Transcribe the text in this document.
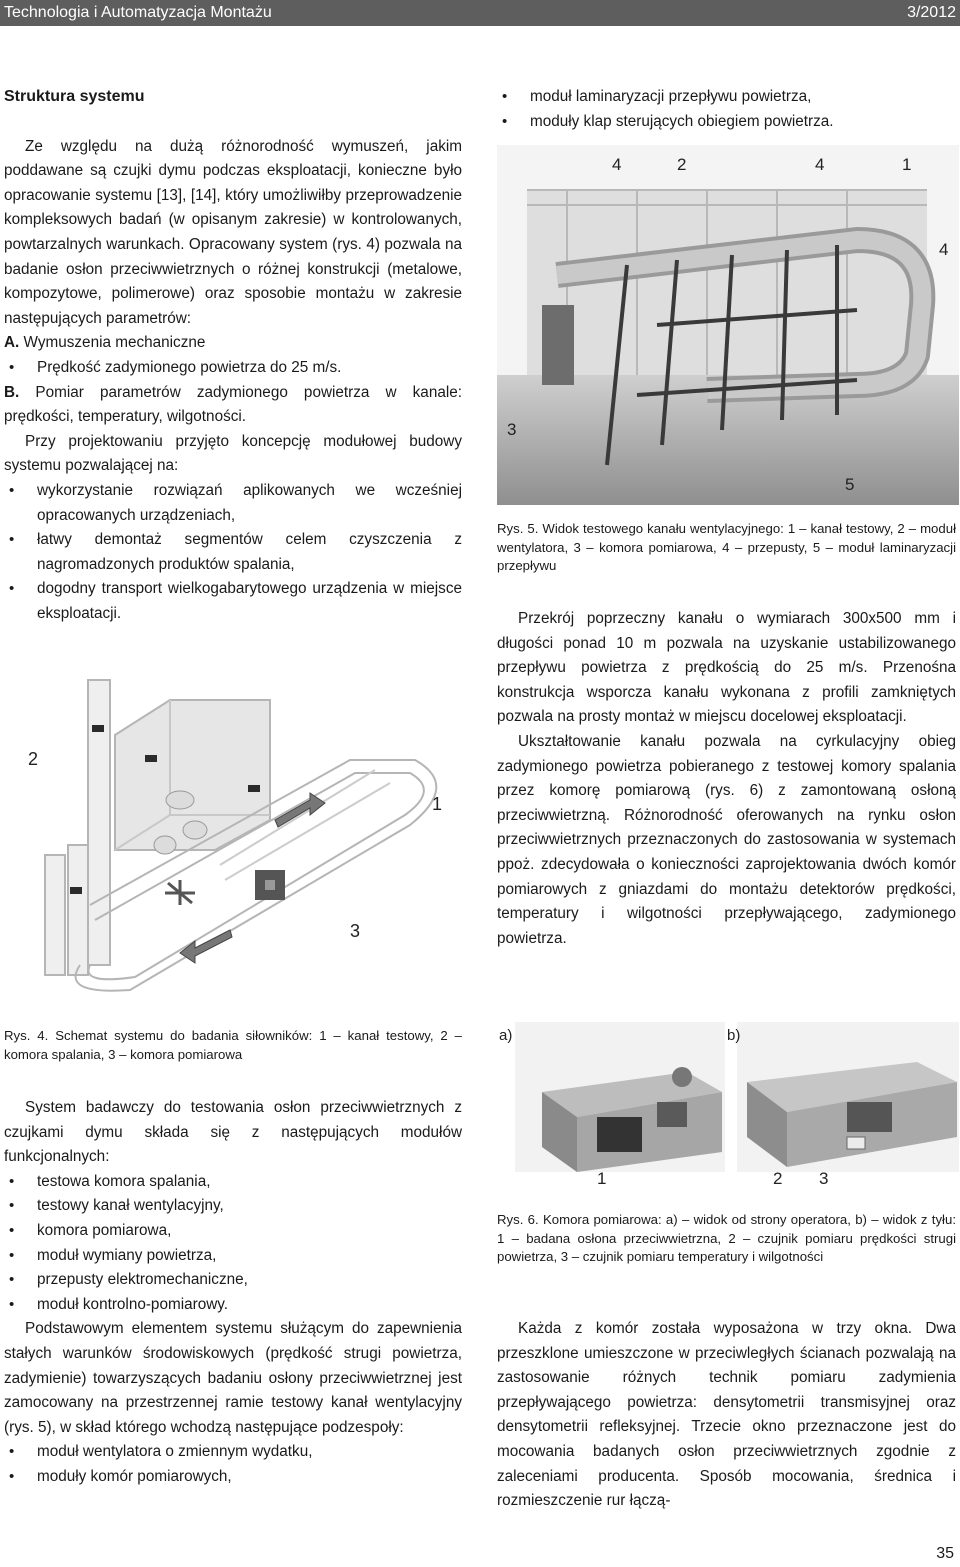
Technologia i Automatyzacja Montażu	3/2012

Struktura systemu

Ze względu na dużą różnorodność wymuszeń, jakim poddawane są czujki dymu podczas eksploatacji, konieczne było opracowanie systemu [13], [14], który umożliwiłby przeprowadzenie kompleksowych badań (w opisanym zakresie) w kontrolowanych, powtarzalnych warunkach. Opracowany system (rys. 4) pozwala na badanie osłon przeciwwietrznych o różnej konstrukcji (metalowe, kompozytowe, polimerowe) oraz sposobie montażu w zakresie następujących parametrów:

A. Wymuszenia mechaniczne

• Prędkość zadymionego powietrza do 25 m/s.

B. Pomiar parametrów zadymionego powietrza w kanale: prędkości, temperatury, wilgotności.

Przy projektowaniu przyjęto koncepcję modułowej budowy systemu pozwalającej na:

• wykorzystanie rozwiązań aplikowanych we wcześniej opracowanych urządzeniach,
• łatwy demontaż segmentów celem czyszczenia z nagromadzonych produktów spalania,
• dogodny transport wielkogabarytowego urządzenia w miejsce eksploatacji.
2
1
3
Rys. 4. Schemat systemu do badania siłowników: 1 – kanał testowy, 2 – komora spalania, 3 – komora pomiarowa

System badawczy do testowania osłon przeciwwietrznych z czujkami dymu składa się z następujących modułów funkcjonalnych:

• testowa komora spalania,
• testowy kanał wentylacyjny,
• komora pomiarowa,
• moduł wymiany powietrza,
• przepusty elektromechaniczne,
• moduł kontrolno-pomiarowy.

Podstawowym elementem systemu służącym do zapewnienia stałych warunków środowiskowych (prędkość strugi powietrza, zadymienie) towarzyszących badaniu osłony przeciwwietrznej jest zamocowany na przestrzennej ramie testowy kanał wentylacyjny (rys. 5), w skład którego wchodzą następujące podzespoły:

• moduł wentylatora o zmiennym wydatku,
• moduły komór pomiarowych,
• moduł laminaryzacji przepływu powietrza,
• moduły klap sterujących obiegiem powietrza.
4	2	4	1
4
3
5
Rys. 5. Widok testowego kanału wentylacyjnego: 1 – kanał testowy, 2 – moduł wentylatora, 3 – komora pomiarowa, 4 – przepusty, 5 – moduł laminaryzacji przepływu

Przekrój poprzeczny kanału o wymiarach 300x500 mm i długości ponad 10 m pozwala na uzyskanie ustabilizowanego przepływu powietrza z prędkością do 25 m/s. Przenośna konstrukcja wsporcza kanału wykonana z profili zamkniętych pozwala na prosty montaż w miejscu docelowej eksploatacji.

Ukształtowanie kanału pozwala na cyrkulacyjny obieg zadymionego powietrza pobieranego z testowej komory spalania przez komorę pomiarową (rys. 6) z zamontowaną osłoną przeciwwietrzną. Różnorodność oferowanych na rynku osłon przeciwwietrznych przeznaczonych do zastosowania w systemach ppoż. zdecydowała o konieczności zaprojektowania dwóch komór pomiarowych z gniazdami do montażu detektorów prędkości, temperatury i wilgotności przepływającego, zadymionego powietrza.

a)	b)
1	2 3
Rys. 6. Komora pomiarowa: a) – widok od strony operatora, b) – widok z tyłu: 1 – badana osłona przeciwwietrzna, 2 – czujnik pomiaru prędkości strugi powietrza, 3 – czujnik pomiaru temperatury i wilgotności

Każda z komór została wyposażona w trzy okna. Dwa przeszklone umieszczone w przeciwległych ścianach pozwalają na zastosowanie różnych technik pomiaru zadymienia przepływającego powietrza: densytometrii transmisyjnej oraz densytometrii refleksyjnej. Trzecie okno przeznaczone jest do mocowania badanych osłon przeciwwietrznych zgodnie z zaleceniami producenta. Sposób mocowania, średnica i rozmieszczenie rur łączą-

35
